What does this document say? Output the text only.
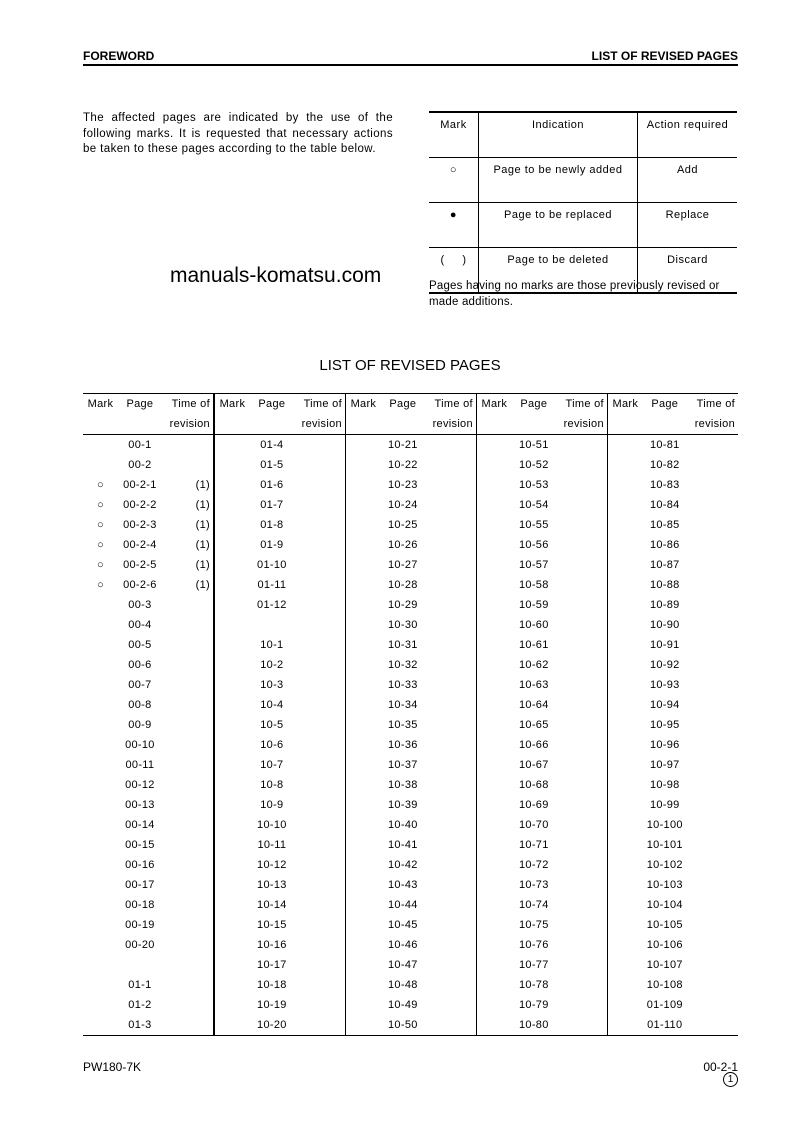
FOREWORD	LIST OF REVISED PAGES
The affected pages are indicated by the use of the following marks. It is requested that necessary actions be taken to these pages according to the table below.
Mark	Indication	Action required
○	Page to be newly added	Add
●	Page to be replaced	Replace
(     )	Page to be deleted	Discard
manuals-komatsu.com	Pages having no marks are those previously revised or made additions.
LIST OF REVISED PAGES
Mark	Page	Time of	Mark	Page	Time of	Mark	Page	Time of	Mark	Page	Time of	Mark	Page	Time of
		revision			revision			revision			revision			revision
	00-1			01-4			10-21			10-51			10-81	
	00-2			01-5			10-22			10-52			10-82	
○	00-2-1	(1)		01-6			10-23			10-53			10-83	
○	00-2-2	(1)		01-7			10-24			10-54			10-84	
○	00-2-3	(1)		01-8			10-25			10-55			10-85	
○	00-2-4	(1)		01-9			10-26			10-56			10-86	
○	00-2-5	(1)		01-10			10-27			10-57			10-87	
○	00-2-6	(1)		01-11			10-28			10-58			10-88	
	00-3			01-12			10-29			10-59			10-89	
	00-4						10-30			10-60			10-90	
	00-5			10-1			10-31			10-61			10-91	
	00-6			10-2			10-32			10-62			10-92	
	00-7			10-3			10-33			10-63			10-93	
	00-8			10-4			10-34			10-64			10-94	
	00-9			10-5			10-35			10-65			10-95	
	00-10			10-6			10-36			10-66			10-96	
	00-11			10-7			10-37			10-67			10-97	
	00-12			10-8			10-38			10-68			10-98	
	00-13			10-9			10-39			10-69			10-99	
	00-14			10-10			10-40			10-70			10-100	
	00-15			10-11			10-41			10-71			10-101	
	00-16			10-12			10-42			10-72			10-102	
	00-17			10-13			10-43			10-73			10-103	
	00-18			10-14			10-44			10-74			10-104	
	00-19			10-15			10-45			10-75			10-105	
	00-20			10-16			10-46			10-76			10-106	
				10-17			10-47			10-77			10-107	
	01-1			10-18			10-48			10-78			10-108	
	01-2			10-19			10-49			10-79			01-109	
	01-3			10-20			10-50			10-80			01-110	
PW180-7K	00-2-1
1
